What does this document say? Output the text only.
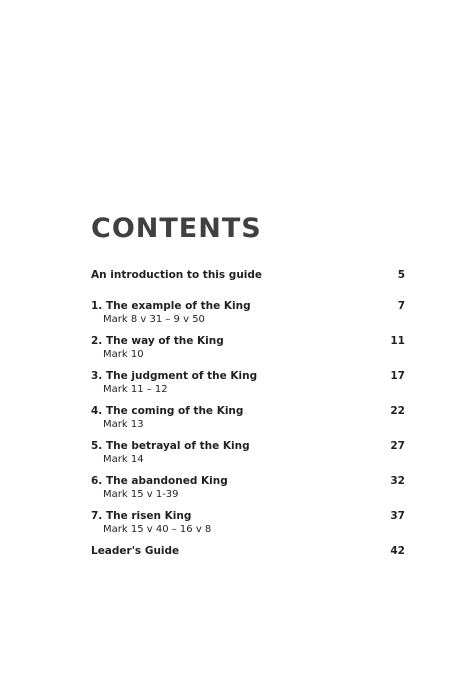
CONTENTS
An introduction to this guide	5
1. The example of the King
Mark 8 v 31 – 9 v 50
7
2. The way of the King
Mark 10
11
3. The judgment of the King
Mark 11 – 12
17
4. The coming of the King
Mark 13
22
5. The betrayal of the King
Mark 14
27
6. The abandoned King
Mark 15 v 1-39
32
7. The risen King
Mark 15 v 40 – 16 v 8
37
Leader's Guide	42
